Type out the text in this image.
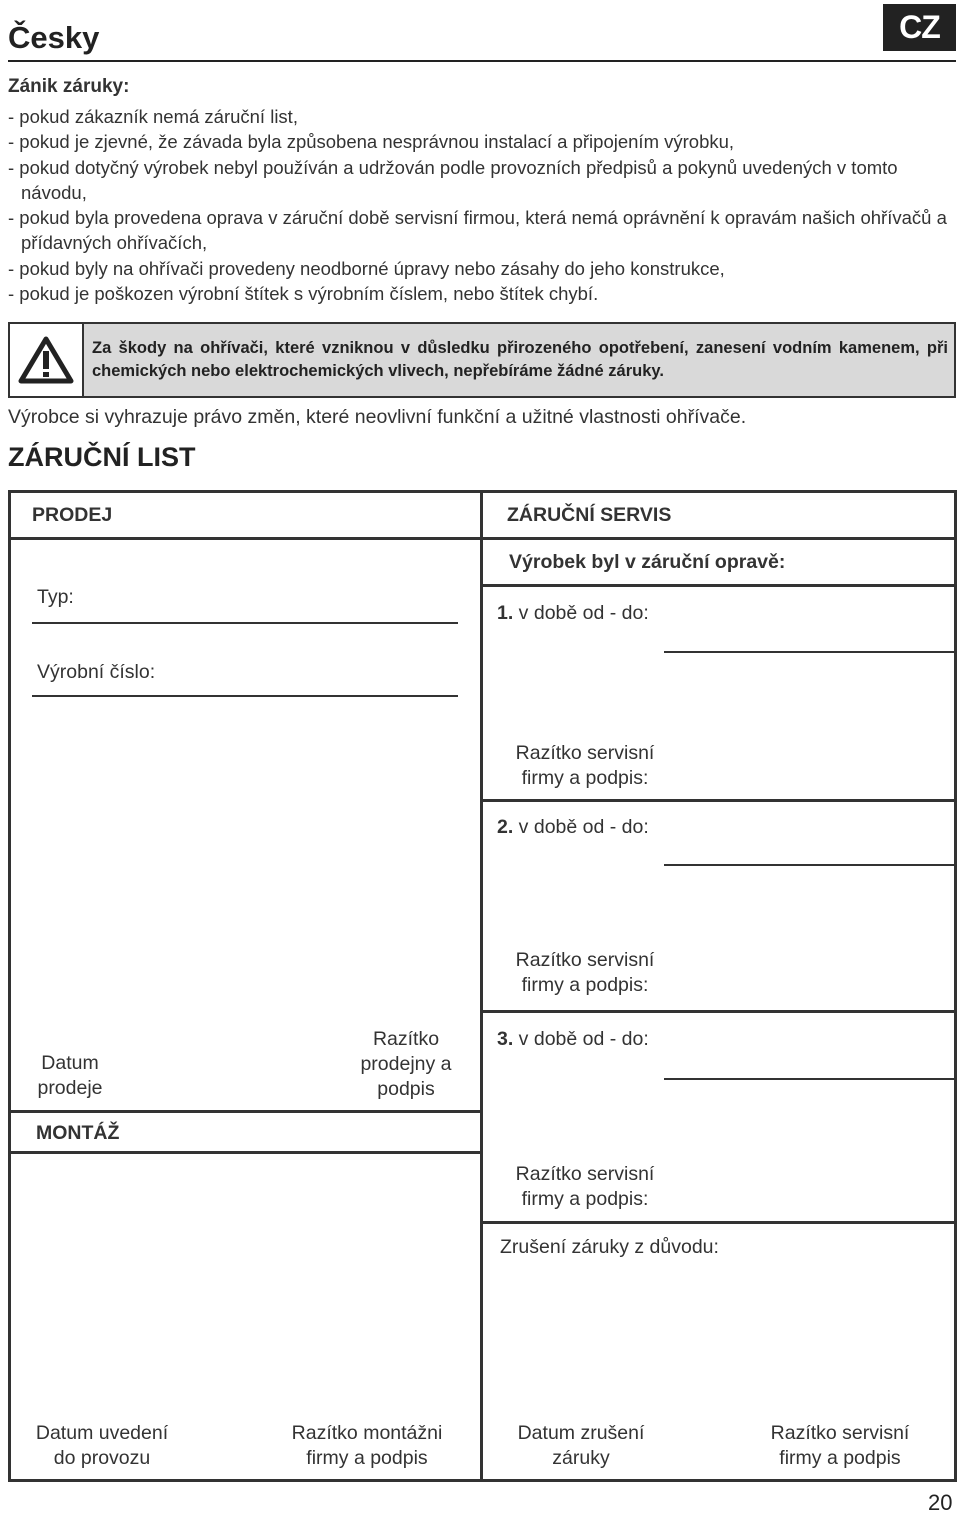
Česky	CZ
Zánik záruky:
- pokud zákazník nemá záruční list,
- pokud je zjevné, že závada byla způsobena nesprávnou instalací a připojením výrobku,
- pokud dotyčný výrobek nebyl používán a udržován podle provozních předpisů a pokynů uvedených v tomto návodu,
- pokud byla provedena oprava v záruční době servisní firmou, která nemá oprávnění k opravám našich ohřívačů a přídavných ohřívačích,
- pokud byly na ohřívači provedeny neodborné úpravy nebo zásahy do jeho konstrukce,
- pokud je poškozen výrobní štítek s výrobním číslem, nebo štítek chybí.
Za škody na ohřívači, které vzniknou v důsledku přirozeného opotřebení, zanesení vodním kamenem, při chemických nebo elektrochemických vlivech, nepřebíráme žádné záruky.
Výrobce si vyhrazuje právo změn, které neovlivní funkční a užitné vlastnosti ohřívače.
ZÁRUČNÍ LIST
PRODEJ
Typ:
Výrobní číslo:
Datum
prodeje
Razítko
prodejny a
podpis
MONTÁŽ
Datum uvedení
do provozu
Razítko montážni
firmy a podpis
ZÁRUČNÍ SERVIS
Výrobek byl v záruční opravě:
1. v době od - do:
Razítko servisní
firmy a podpis:
2. v době od - do:
Razítko servisní
firmy a podpis:
3. v době od - do:
Razítko servisní
firmy a podpis:
Zrušení záruky z důvodu:
Datum zrušení
záruky
Razítko servisní
firmy a podpis
20
